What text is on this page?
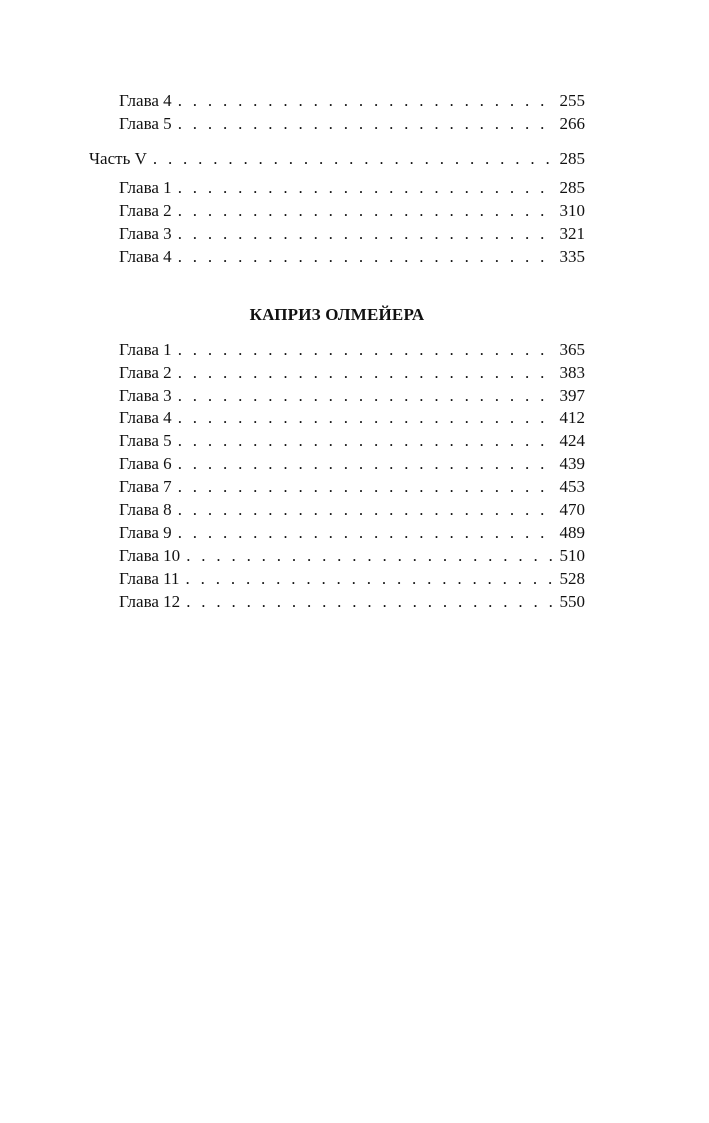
Глава 4 . . .	255
Глава 5 . . .	266
Часть V . . .	285
Глава 1 . . .	285
Глава 2 . . .	310
Глава 3 . . .	321
Глава 4 . . .	335
КАПРИЗ ОЛМЕЙЕРА
Глава 1 . . .	365
Глава 2 . . .	383
Глава 3 . . .	397
Глава 4 . . .	412
Глава 5 . . .	424
Глава 6 . . .	439
Глава 7 . . .	453
Глава 8 . . .	470
Глава 9 . . .	489
Глава 10 . . .	510
Глава 11 . . .	528
Глава 12 . . .	550
